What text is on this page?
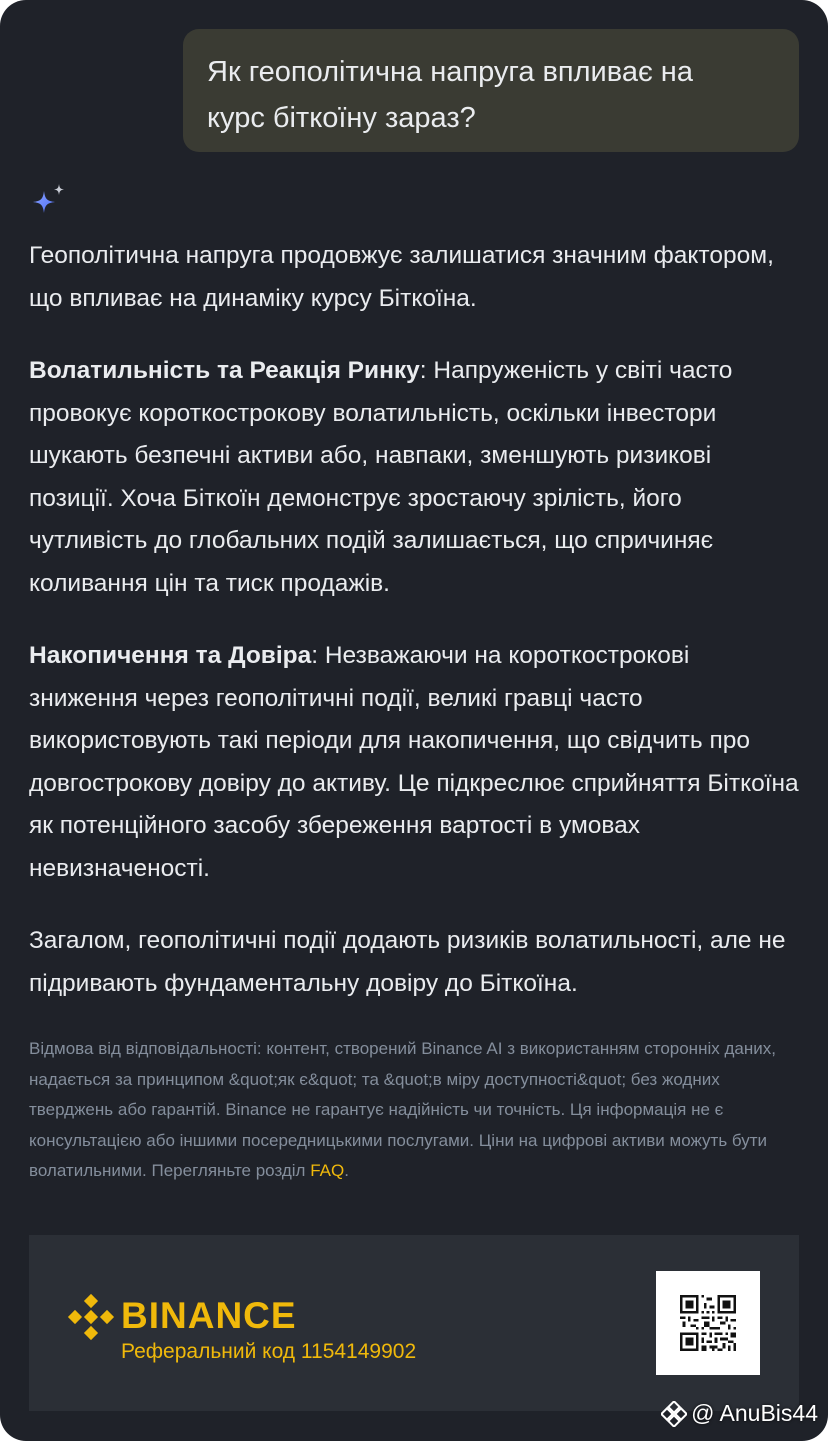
Як геополітична напруга впливає на
курс біткоїну зараз?

Геополітична напруга продовжує залишатися значним фактором, що впливає на динаміку курсу Біткоїна.

Волатильність та Реакція Ринку: Напруженість у світі часто провокує короткострокову волатильність, оскільки інвестори шукають безпечні активи або, навпаки, зменшують ризикові позиції. Хоча Біткоїн демонструє зростаючу зрілість, його чутливість до глобальних подій залишається, що спричиняє коливання цін та тиск продажів.

Накопичення та Довіра: Незважаючи на короткострокові зниження через геополітичні події, великі гравці часто використовують такі періоди для накопичення, що свідчить про довгострокову довіру до активу. Це підкреслює сприйняття Біткоїна як потенційного засобу збереження вартості в умовах невизначеності.

Загалом, геополітичні події додають ризиків волатильності, але не підривають фундаментальну довіру до Біткоїна.

Відмова від відповідальності: контент, створений Binance AI з використанням сторонніх даних, надається за принципом &quot;як є&quot; та &quot;в міру доступності&quot; без жодних тверджень або гарантій. Binance не гарантує надійність чи точність. Ця інформація не є консультацією або іншими посередницькими послугами. Ціни на цифрові активи можуть бути волатильними. Перегляньте розділ FAQ.
BINANCE
Реферальний код 1154149902
@ AnuBis44
